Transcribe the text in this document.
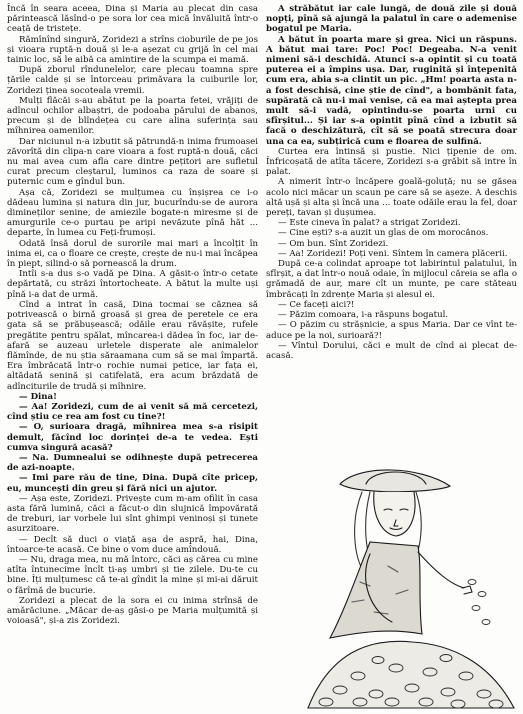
Încă în seara aceea, Dina și Maria au plecat din casa părintească lăsînd-o pe sora lor cea mică învăluită într-o ceață de tristețe.

Rămînînd singură, Zoridezi a strîns cioburile de pe jos și vioara ruptă-n două și le-a așezat cu grijă în cel mai tainic loc, să le aibă ca amintire de la scumpa ei mamă.

După zborul rîndunelelor, care plecau toamna spre țările calde și se întorceau primăvara la cuiburile lor, Zoridezi ținea socoteala vremii.

Mulți flăcăi s-au abătut pe la poarta fetei, vrăjiți de adîncul ochilor albaștri, de podoaba părului de abanos, precum și de blîndețea cu care alina suferința sau mîhnirea oamenilor.

Dar niciunul n-a izbutit să pătrundă-n inima frumoasei zăvorîtă din clipa-n care vioara a fost ruptă-n două, căci nu mai avea cum afla care dintre pețitori are sufletul curat precum cleștarul, luminos ca raza de soare și puternic cum e gîndul bun.

Așa că, Zoridezi se mulțumea cu înșișrea ce i-o dădeau lumina și natura din jur, bucurîndu-se de aurora dimineților senine, de amiezile bogate-n miresme și de amurgurile ce-o purtau pe aripi nevăzute pînă hăt ... departe, în lumea cu Feți-frumoși.

Odată însă dorul de surorile mai mari a încolțit în inima ei, ca o floare ce crește, crește de nu-i mai încăpea în piept, silind-o să pornească la drum.

Intîi s-a dus s-o vadă pe Dina. A găsit-o într-o cetate depărtată, cu străzi întortocheate. A bătut la multe uși pînă i-a dat de urmă.

Cînd a intrat în casă, Dina tocmai se căznea să potrivească o birnă groasă și grea de peretele ce era gata să se prăbușească; odăile erau răvășite, rufele pregătite pentru spălat, mîncarea-i dădea în foc, iar de-afară se auzeau urletele disperate ale animalelor flămînde, de nu știa săraamana cum să se mai împartă. Era îmbrăcată într-o rochie numai petice, iar fața ei, altădată senină și catifelată, era acum brăzdată de adînciturile de trudă și mîhnire.

— Dina!

— Aa! Zoridezi, cum de ai venit să mă cercetezi, cînd știu ce rea am fost cu tine?!

— O, surioara dragă, mîhnirea mea s-a risipit demult, făcînd loc dorinței de-a te vedea. Ești cumva singură acasă?

— Na. Dumnealui se odihnește după petrecerea de azi-noapte.

— Imi pare rău de tine, Dina. După cîte pricep, eu, muncești din greu și fără nici un ajutor.

— Așa este, Zoridezi. Privește cum m-am ofilit în casa asta fără lumină, căci a făcut-o din slujnică împovărată de treburi, iar vorbele lui sînt ghimpi veninoși și tunete asurzitoare.

— Decît să duci o viață așa de aspră, hai, Dina, întoarce-te acasă. Ce bine o vom duce amîndouă.

— Nu, draga mea, nu mă întorc, căci aș cărea cu mine atîta întunecime încît ți-aș umbri și tie zilele. Du-te cu bine. Îți mulțumesc că te-ai gîndit la mine și mi-ai dăruit o fărîmă de bucurie.

Zoridezi a plecat de la sora ei cu inima strînsă de amărăciune. „Măcar de-aș găsi-o pe Maria mulțumită și voioasă", și-a zis Zoridezi.

A străbătut iar cale lungă, de două zile și două nopți, pînă să ajungă la palatul în care o ademenise bogatul pe Maria.

A bătut în poarta mare și grea. Nici un răspuns. A bătut mai tare: Poc! Poc! Degeaba. N-a venit nimeni să-i deschidă. Atunci s-a opintit și cu toată puterea ei a împins ușa. Dar, ruginită și înțepenită cum era, abia s-a clintit un pic. „Hm! poarta asta n-a fost deschisă, cine știe de cînd", a bombănit fata, supărată că nu-i mai venise, că ea mai aștepta prea mult să-i vadă, opintindu-se poarta urni cu sfîrșitul... Și iar s-a opintit pînă cînd a izbutit să facă o deschizătură, cît să se poată strecura doar una ca ea, subțirică cum e floarea de sulfină.

Curtea era întinsă și pustie. Nici țipenie de om. Înfricoșată de atîta tăcere, Zoridezi s-a grăbit să intre în palat.

A nimerit într-o încăpere goală-goluță; nu se găsea acolo nici măcar un scaun pe care să se așeze. A deschis altă ușă și alta și încă una ... toate odăile erau la fel, doar pereți, tavan și dușumea.

— Este cineva în palat? a strigat Zoridezi.

— Cine ești? s-a auzit un glas de om morocănos.

— Om bun. Sînt Zoridezi.

— Aa! Zoridezi! Poți veni. Sîntem în camera plăcerii.

După ce-a colindat aproape tot labirintul palatului, în sfîrșit, a dat într-o nouă odaie, în mijlocul căreia se afla o grămadă de aur, mare cît un munte, pe care stăteau îmbrăcați în zdrențe Maria și alesul ei.

— Ce faceți aici?!

— Păzim comoara, i-a răspuns bogatul.

— O păzim cu strășnicie, a spus Maria. Dar ce vînt te-aduce pe la noi, surioară?!

— Vîntul Dorului, căci e mult de cînd ai plecat de-acasă.
